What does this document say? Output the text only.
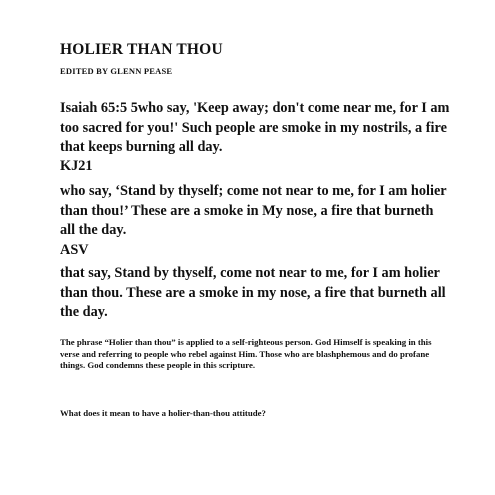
HOLIER THAN THOU
EDITED BY GLENN PEASE

Isaiah 65:5 5who say, 'Keep away; don't come near me, for I am too sacred for you!' Such people are smoke in my nostrils, a fire that keeps burning all day.

KJ21

who say, ‘Stand by thyself; come not near to me, for I am holier than thou!’ These are a smoke in My nose, a fire that burneth all the day.

ASV

that say, Stand by thyself, come not near to me, for I am holier than thou. These are a smoke in my nose, a fire that burneth all the day.

The phrase “Holier than thou” is applied to a self-righteous person. God Himself is speaking in this verse and referring to people who rebel against Him. Those who are blashphemous and do profane things. God condemns these people in this scripture.

What does it mean to have a holier-than-thou attitude?
